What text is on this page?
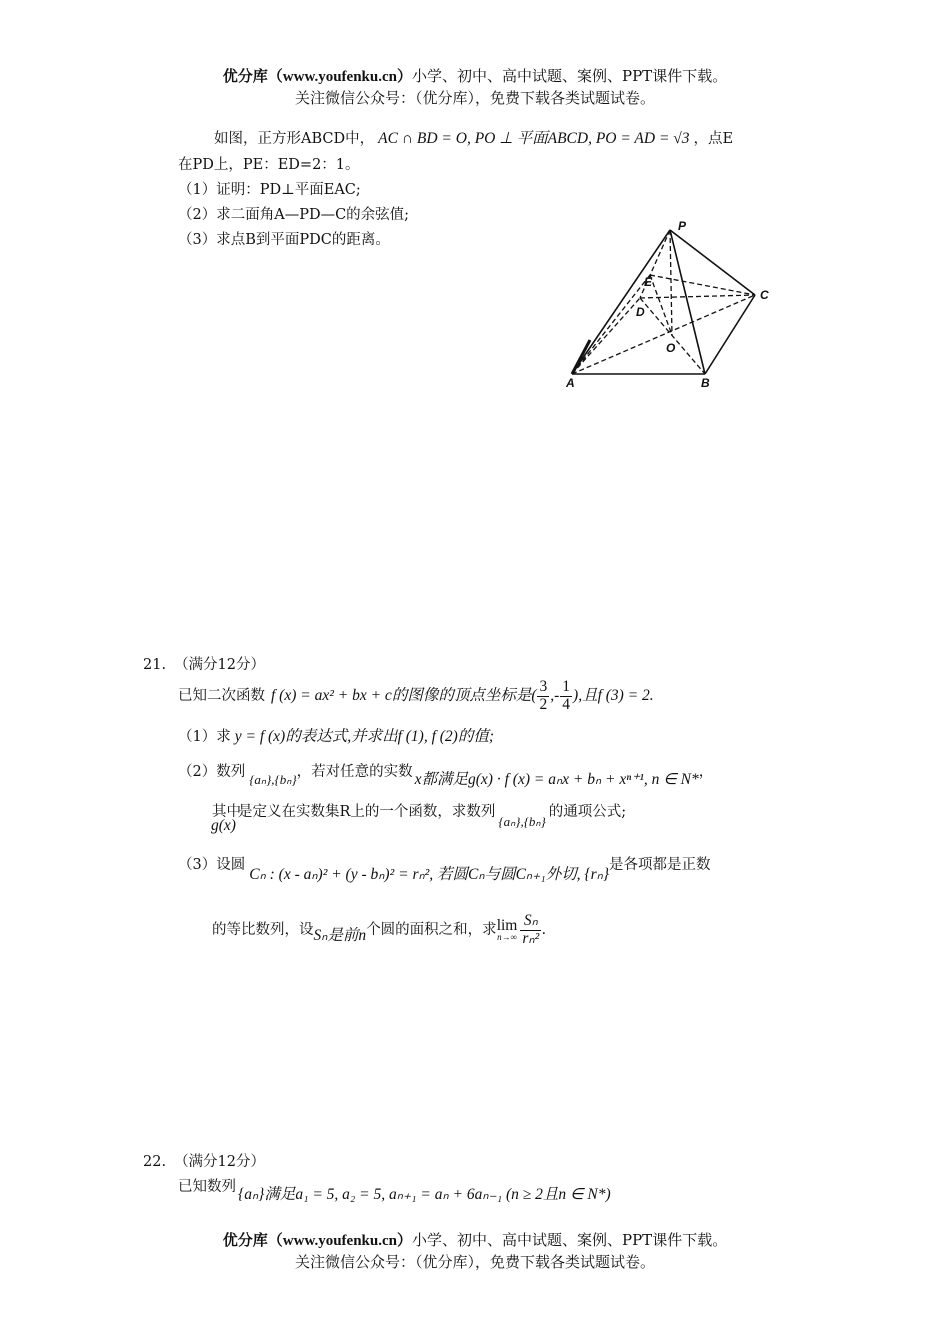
优分库（www.youfenku.cn）小学、初中、高中试题、案例、PPT课件下载。
关注微信公众号：（优分库），免费下载各类试题试卷。
如图，正方形ABCD中， AC ∩ BD = O, PO ⊥ 平面ABCD, PO = AD = √3 ，点E
在PD上，PE：ED=2：1。
（1）证明：PD⊥平面EAC;
（2）求二面角A—PD—C的余弦值;
（3）求点B到平面PDC的距离。
P
E
C
D
O
A	B
21. （满分12分）
已知二次函数 f (x) = ax² + bx + c的图像的顶点坐标是( $\frac{3}{2}$ ,- $\frac{1}{4}$ ),且f (3) = 2.
（1）求 y = f (x)的表达式,并求出f (1), f (2)的值;
（2）数列 {aₙ},{bₙ}，若对任意的实数 x都满足g(x) · f (x) = aₙx + bₙ + xⁿ⁺¹, n ∈ N*，
其中g(x)是定义在实数集R上的一个函数，求数列{aₙ},{bₙ}的通项公式;
（3）设圆Cₙ : (x - aₙ)² + (y - bₙ)² = rₙ², 若圆Cₙ与圆Cₙ₊₁外切, {rₙ}是各项都是正数
的等比数列，设Sₙ是前n个圆的面积之和，求lim
$n\to\infty \frac{\text{Sₙ}}{\text{rₙ²}}$ .
22. （满分12分）
已知数列 {aₙ}满足a₁ = 5, a₂ = 5, aₙ₊₁ = aₙ + 6aₙ₋₁ (n ≥ 2且n ∈ N*)
优分库（www.youfenku.cn）小学、初中、高中试题、案例、PPT课件下载。
关注微信公众号：（优分库），免费下载各类试题试卷。
